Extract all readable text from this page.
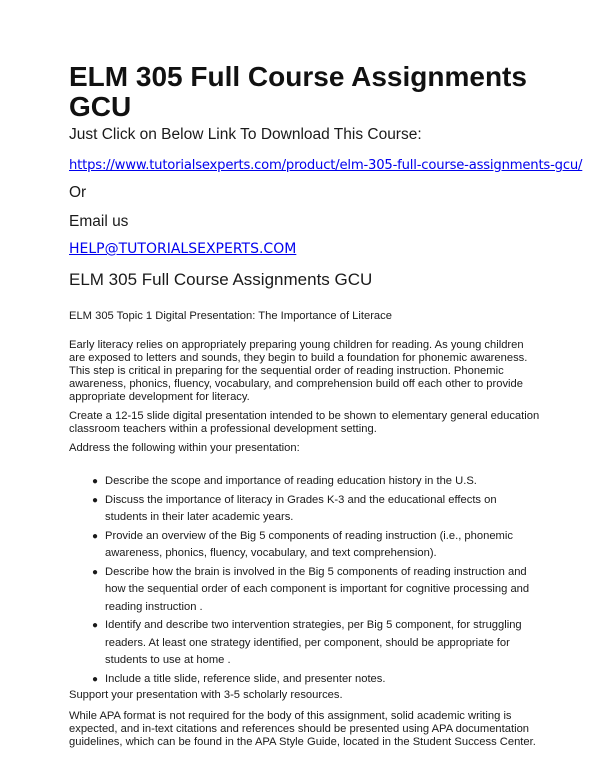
ELM 305 Full Course Assignments GCU
Just Click on Below Link To Download This Course:
https://www.tutorialsexperts.com/product/elm-305-full-course-assignments-gcu/
Or
Email us
HELP@TUTORIALSEXPERTS.COM
ELM 305 Full Course Assignments GCU
ELM 305 Topic 1 Digital Presentation: The Importance of Literace
Early literacy relies on appropriately preparing young children for reading. As young children are exposed to letters and sounds, they begin to build a foundation for phonemic awareness. This step is critical in preparing for the sequential order of reading instruction. Phonemic awareness, phonics, fluency, vocabulary, and comprehension build off each other to provide appropriate development for literacy.
Create a 12-15 slide digital presentation intended to be shown to elementary general education classroom teachers within a professional development setting.
Address the following within your presentation:
● Describe the scope and importance of reading education history in the U.S.
● Discuss the importance of literacy in Grades K-3 and the educational effects on students in their later academic years.
● Provide an overview of the Big 5 components of reading instruction (i.e., phonemic awareness, phonics, fluency, vocabulary, and text comprehension).
● Describe how the brain is involved in the Big 5 components of reading instruction and how the sequential order of each component is important for cognitive processing and reading instruction .
● Identify and describe two intervention strategies, per Big 5 component, for struggling readers. At least one strategy identified, per component, should be appropriate for students to use at home .
● Include a title slide, reference slide, and presenter notes.
Support your presentation with 3-5 scholarly resources.
While APA format is not required for the body of this assignment, solid academic writing is expected, and in-text citations and references should be presented using APA documentation guidelines, which can be found in the APA Style Guide, located in the Student Success Center.
